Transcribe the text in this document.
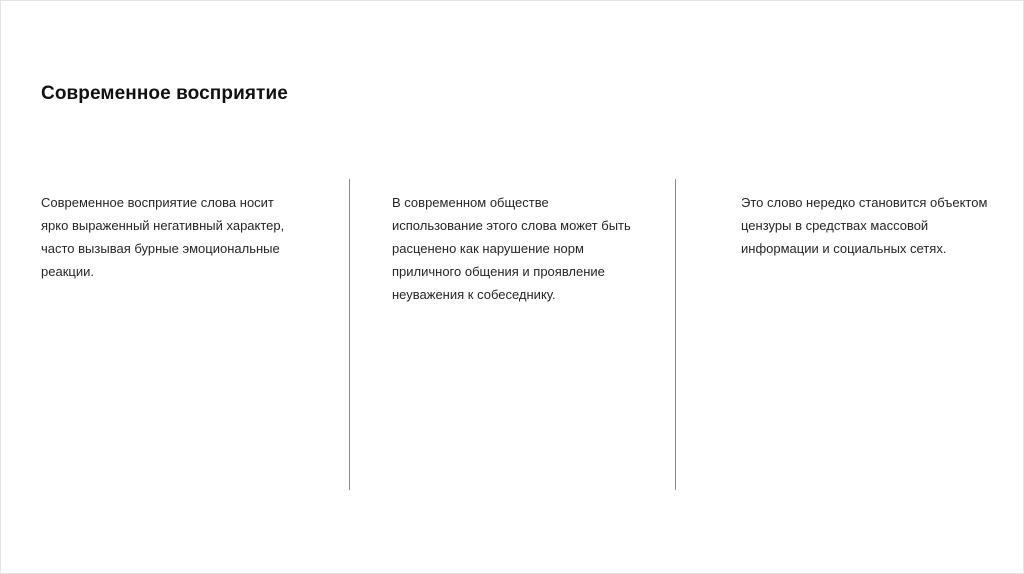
Современное восприятие

Современное восприятие слова носит
ярко выраженный негативный характер,
часто вызывая бурные эмоциональные
реакции.

В современном обществе
использование этого слова может быть
расценено как нарушение норм
приличного общения и проявление
неуважения к собеседнику.

Это слово нередко становится объектом
цензуры в средствах массовой
информации и социальных сетях.
